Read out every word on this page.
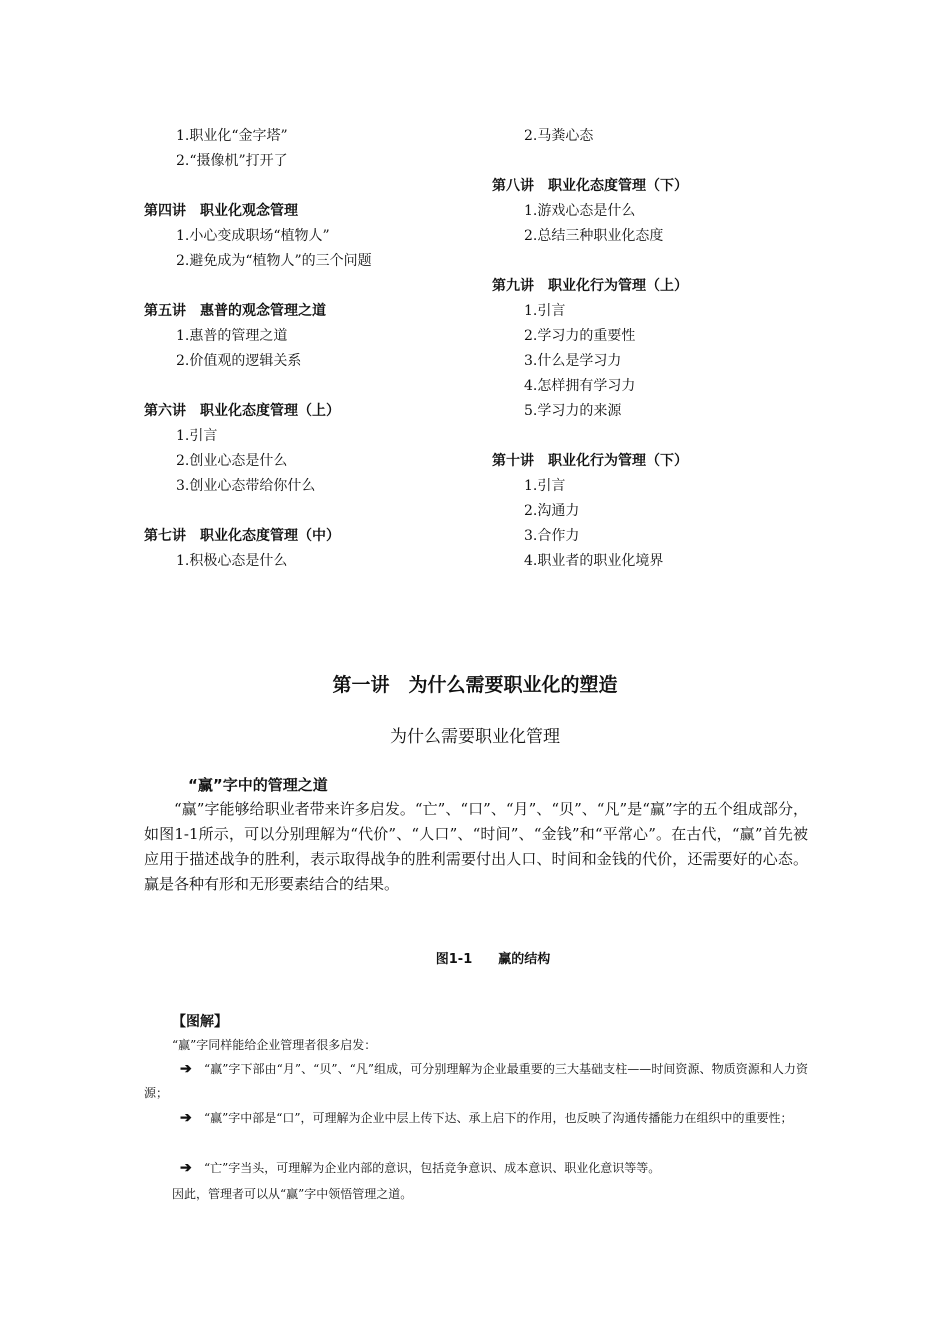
1.职业化“金字塔”
2.“摄像机”打开了
第四讲　职业化观念管理
1.小心变成职场“植物人”
2.避免成为“植物人”的三个问题
第五讲　惠普的观念管理之道
1.惠普的管理之道
2.价值观的逻辑关系
第六讲　职业化态度管理（上）
1.引言
2.创业心态是什么
3.创业心态带给你什么
第七讲　职业化态度管理（中）
1.积极心态是什么
2.马粪心态
第八讲　职业化态度管理（下）
1.游戏心态是什么
2.总结三种职业化态度
第九讲　职业化行为管理（上）
1.引言
2.学习力的重要性
3.什么是学习力
4.怎样拥有学习力
5.学习力的来源
第十讲　职业化行为管理（下）
1.引言
2.沟通力
3.合作力
4.职业者的职业化境界
第一讲　为什么需要职业化的塑造
为什么需要职业化管理
“赢”字中的管理之道

“赢”字能够给职业者带来许多启发。“亡”、“口”、“月”、“贝”、“凡”是“赢”字的五个组成部分，如图1-1所示，可以分别理解为“代价”、“人口”、“时间”、“金钱”和“平常心”。在古代，“赢”首先被应用于描述战争的胜利，表示取得战争的胜利需要付出人口、时间和金钱的代价，还需要好的心态。赢是各种有形和无形要素结合的结果。

图1-1　　赢的结构
【图解】

“赢”字同样能给企业管理者很多启发：

➔ “赢”字下部由“月”、“贝”、“凡”组成，可分别理解为企业最重要的三大基础支柱——时间资源、物质资源和人力资源；

➔ “赢”字中部是“口”，可理解为企业中层上传下达、承上启下的作用，也反映了沟通传播能力在组织中的重要性；

➔ “亡”字当头，可理解为企业内部的意识，包括竞争意识、成本意识、职业化意识等等。

因此，管理者可以从“赢”字中领悟管理之道。
